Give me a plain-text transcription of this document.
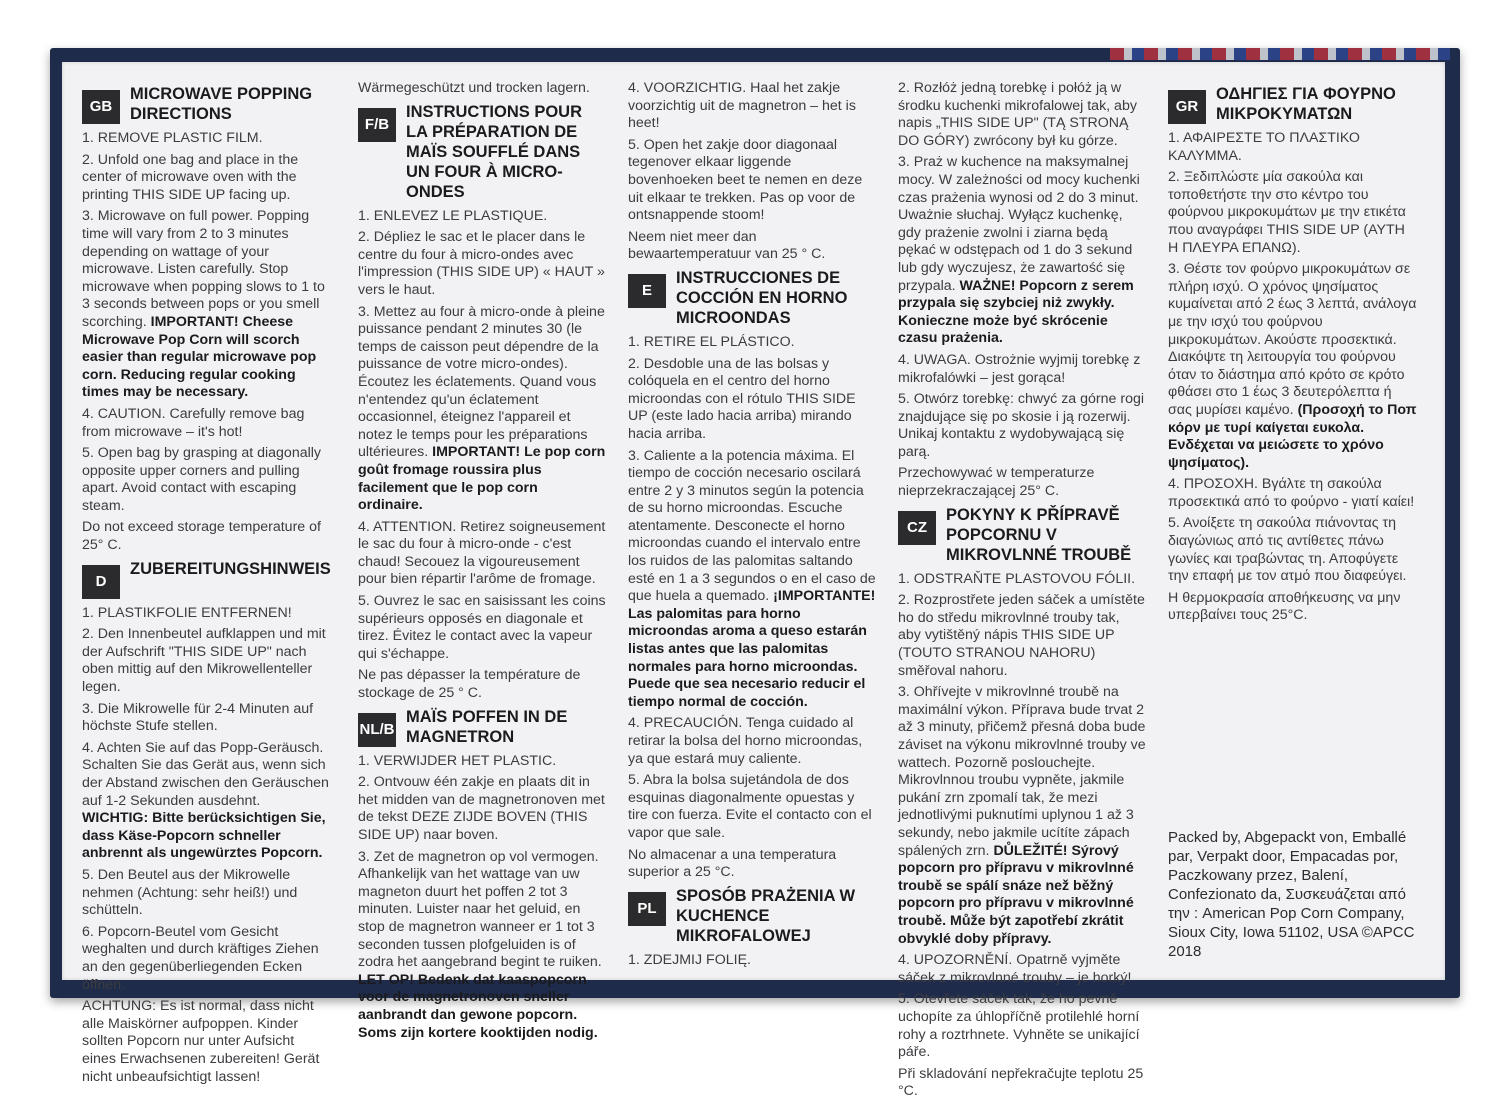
GB
MICROWAVE POPPING
DIRECTIONS
1. REMOVE PLASTIC FILM.
2. Unfold one bag and place in the center of microwave oven with the printing THIS SIDE UP facing up.
3. Microwave on full power. Popping time will vary from 2 to 3 minutes depending on wattage of your microwave. Listen carefully. Stop microwave when popping slows to 1 to 3 seconds between pops or you smell scorching. IMPORTANT! Cheese Microwave Pop Corn will scorch easier than regular microwave pop corn. Reducing regular cooking times may be necessary.
4. CAUTION. Carefully remove bag from microwave – it's hot!
5. Open bag by grasping at diagonally opposite upper corners and pulling apart. Avoid contact with escaping steam.
Do not exceed storage temperature of 25° C.
D
ZUBEREITUNGSHINWEIS
1. PLASTIKFOLIE ENTFERNEN!
2. Den Innenbeutel aufklappen und mit der Aufschrift "THIS SIDE UP" nach oben mittig auf den Mikrowellenteller legen.
3. Die Mikrowelle für 2-4 Minuten auf höchste Stufe stellen.
4. Achten Sie auf das Popp-Geräusch. Schalten Sie das Gerät aus, wenn sich der Abstand zwischen den Geräuschen auf 1-2 Sekunden ausdehnt. WICHTIG: Bitte berücksichtigen Sie, dass Käse-Popcorn schneller anbrennt als ungewürztes Popcorn.
5. Den Beutel aus der Mikrowelle nehmen (Achtung: sehr heiß!) und schütteln.
6. Popcorn-Beutel vom Gesicht weghalten und durch kräftiges Ziehen an den gegenüberliegenden Ecken öffnen.
ACHTUNG: Es ist normal, dass nicht alle Maiskörner aufpoppen. Kinder sollten Popcorn nur unter Aufsicht eines Erwachsenen zubereiten! Gerät nicht unbeaufsichtigt lassen!
Wärmegeschützt und trocken lagern.
F/B
INSTRUCTIONS POUR LA PRÉPARATION DE MAÏS SOUFFLÉ DANS UN FOUR À MICRO-ONDES
1. ENLEVEZ LE PLASTIQUE.
2. Dépliez le sac et le placer dans le centre du four à micro-ondes avec l'impression (THIS SIDE UP) « HAUT » vers le haut.
3. Mettez au four à micro-onde à pleine puissance pendant 2 minutes 30 (le temps de caisson peut dépendre de la puissance de votre micro-ondes). Écoutez les éclatements. Quand vous n'entendez qu'un éclatement occasionnel, éteignez l'appareil et notez le temps pour les préparations ultérieures. IMPORTANT! Le pop corn goût fromage roussira plus facilement que le pop corn ordinaire.
4. ATTENTION. Retirez soigneusement le sac du four à micro-onde - c'est chaud! Secouez la vigoureusement pour bien répartir l'arôme de fromage.
5. Ouvrez le sac en saisissant les coins supérieurs opposés en diagonale et tirez. Évitez le contact avec la vapeur qui s'échappe.
Ne pas dépasser la température de stockage de 25 ° C.
NL/B
MAÏS POFFEN IN DE MAGNETRON
1. VERWIJDER HET PLASTIC.
2. Ontvouw één zakje en plaats dit in het midden van de magnetronoven met de tekst DEZE ZIJDE BOVEN (THIS SIDE UP) naar boven.
3. Zet de magnetron op vol vermogen. Afhankelijk van het wattage van uw magneton duurt het poffen 2 tot 3 minuten. Luister naar het geluid, en stop de magnetron wanneer er 1 tot 3 seconden tussen plofgeluiden is of zodra het aangebrand begint te ruiken. LET OP! Bedenk dat kaaspopcorn voor de magnetronoven sneller aanbrandt dan gewone popcorn. Soms zijn kortere kooktijden nodig.
4. VOORZICHTIG. Haal het zakje voorzichtig uit de magnetron – het is heet!
5. Open het zakje door diagonaal tegenover elkaar liggende bovenhoeken beet te nemen en deze uit elkaar te trekken. Pas op voor de ontsnappende stoom!
Neem niet meer dan bewaartemperatuur van 25 ° C.
E
INSTRUCCIONES DE COCCIÓN EN HORNO MICROONDAS
1. RETIRE EL PLÁSTICO.
2. Desdoble una de las bolsas y colóquela en el centro del horno microondas con el rótulo THIS SIDE UP (este lado hacia arriba) mirando hacia arriba.
3. Caliente a la potencia máxima. El tiempo de cocción necesario oscilará entre 2 y 3 minutos según la potencia de su horno microondas. Escuche atentamente. Desconecte el horno microondas cuando el intervalo entre los ruidos de las palomitas saltando esté en 1 a 3 segundos o en el caso de que huela a quemado. ¡IMPORTANTE! Las palomitas para horno microondas aroma a queso estarán listas antes que las palomitas normales para horno microondas. Puede que sea necesario reducir el tiempo normal de cocción.
4. PRECAUCIÓN. Tenga cuidado al retirar la bolsa del horno microondas, ya que estará muy caliente.
5. Abra la bolsa sujetándola de dos esquinas diagonalmente opuestas y tire con fuerza. Evite el contacto con el vapor que sale.
No almacenar a una temperatura superior a 25 °C.
PL
SPOSÓB PRAŻENIA W KUCHENCE MIKROFALOWEJ
1. ZDEJMIJ FOLIĘ.
2. Rozłóż jedną torebkę i połóż ją w środku kuchenki mikrofalowej tak, aby napis „THIS SIDE UP" (TĄ STRONĄ DO GÓRY) zwrócony był ku górze.
3. Praż w kuchence na maksymalnej mocy. W zależności od mocy kuchenki czas prażenia wynosi od 2 do 3 minut. Uważnie słuchaj. Wyłącz kuchenkę, gdy prażenie zwolni i ziarna będą pękać w odstępach od 1 do 3 sekund lub gdy wyczujesz, że zawartość się przypala. WAŻNE! Popcorn z serem przypala się szybciej niż zwykły. Konieczne może być skrócenie czasu prażenia.
4. UWAGA. Ostrożnie wyjmij torebkę z mikrofalówki – jest gorąca!
5. Otwórz torebkę: chwyć za górne rogi znajdujące się po skosie i ją rozerwij. Unikaj kontaktu z wydobywającą się parą.
Przechowywać w temperaturze nieprzekraczającej 25° C.
CZ
POKYNY K PŘÍPRAVĚ POPCORNU V MIKROVLNNÉ TROUBĚ
1. ODSTRAŇTE PLASTOVOU FÓLII.
2. Rozprostřete jeden sáček a umístěte ho do středu mikrovlnné trouby tak, aby vytištěný nápis THIS SIDE UP (TOUTO STRANOU NAHORU) směřoval nahoru.
3. Ohřívejte v mikrovlnné troubě na maximální výkon. Příprava bude trvat 2 až 3 minuty, přičemž přesná doba bude záviset na výkonu mikrovlnné trouby ve wattech. Pozorně poslouchejte. Mikrovlnnou troubu vypněte, jakmile pukání zrn zpomalí tak, že mezi jednotlivými puknutími uplynou 1 až 3 sekundy, nebo jakmile ucítíte zápach spálených zrn. DŮLEŽITÉ! Sýrový popcorn pro přípravu v mikrovlnné troubě se spálí snáze než běžný popcorn pro přípravu v mikrovlnné troubě. Může být zapotřebí zkrátit obvyklé doby přípravy.
4. UPOZORNĚNÍ. Opatrně vyjměte sáček z mikrovlnné trouby – je horký!
5. Otevřete sáček tak, že ho pevně uchopíte za úhlopříčně protilehlé horní rohy a roztrhnete. Vyhněte se unikající páře.
Při skladování nepřekračujte teplotu 25 °C.
GR
ΟΔΗΓΙΕΣ ΓΙΑ ΦΟΥΡΝΟ ΜΙΚΡΟΚΥΜΑΤΩΝ
1. ΑΦΑΙΡΕΣΤΕ ΤΟ ΠΛΑΣΤΙΚΟ ΚΑΛΥΜΜΑ.
2. Ξεδιπλώστε μία σακούλα και τοποθετήστε την στο κέντρο του φούρνου μικροκυμάτων με την ετικέτα που αναγράφει THIS SIDE UP (ΑΥΤΗ Η ΠΛΕΥΡΑ ΕΠΑΝΩ).
3. Θέστε τον φούρνο μικροκυμάτων σε πλήρη ισχύ. Ο χρόνος ψησίματος κυμαίνεται από 2 έως 3 λεπτά, ανάλογα με την ισχύ του φούρνου μικροκυμάτων. Ακούστε προσεκτικά. Διακόψτε τη λειτουργία του φούρνου όταν το διάστημα από κρότο σε κρότο φθάσει στο 1 έως 3 δευτερόλεπτα ή σας μυρίσει καμένο. (Προσοχή το Ποπ κόρν με τυρί καίγεται ευκολα. Ενδέχεται να μειώσετε το χρόνο ψησίματος).
4. ΠΡΟΣΟΧΗ. Βγάλτε τη σακούλα προσεκτικά από το φούρνο - γιατί καίει!
5. Ανοίξετε τη σακούλα πιάνοντας τη διαγώνιως από τις αντίθετες πάνω γωνίες και τραβώντας τη. Αποφύγετε την επαφή με τον ατμό που διαφεύγει.
Η θερμοκρασία αποθήκευσης να μην υπερβαίνει τους 25°C.
Packed by, Abgepackt von, Emballé par, Verpakt door, Empacadas por, Paczkowany przez, Balení, Confezionato da, Συσκευάζεται από την : American Pop Corn Company, Sioux City, Iowa 51102, USA ©APCC 2018
